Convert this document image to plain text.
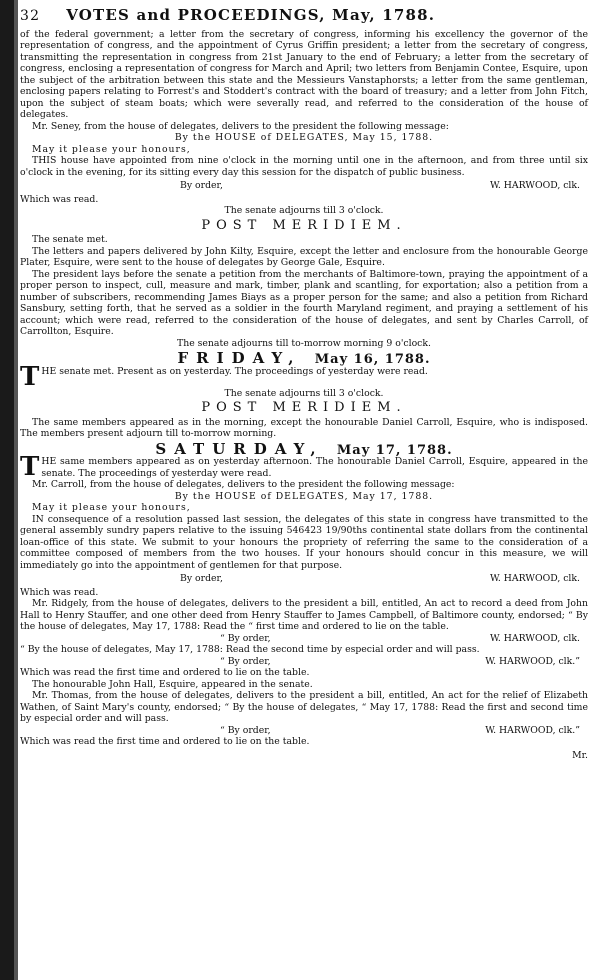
32 VOTES and PROCEEDINGS, May, 1788.

of the federal government; a letter from the secretary of congress, informing his excellency the governor of the representation of congress, and the appointment of Cyrus Griffin president; a letter from the secretary of congress, transmitting the representation in congress from 21st January to the end of February; a letter from the secretary of congress, enclosing a representation of congress for March and April; two letters from Benjamin Contee, Esquire, upon the subject of the arbitration between this state and the Messieurs Vanstaphorsts; a letter from the same gentleman, enclosing papers relating to Forrest's and Stoddert's contract with the board of treasury; and a letter from John Fitch, upon the subject of steam boats; which were severally read, and referred to the consideration of the house of delegates.

Mr. Seney, from the house of delegates, delivers to the president the following message:

By the HOUSE of DELEGATES, May 15, 1788.
May it please your honours,

THIS house have appointed from nine o'clock in the morning until one in the afternoon, and from three until six o'clock in the evening, for its sitting every day this session for the dispatch of public business.

By order,	W. HARWOOD, clk.

Which was read.

The senate adjourns till 3 o'clock.
POST MERIDIEM.

The senate met.

The letters and papers delivered by John Kilty, Esquire, except the letter and enclosure from the honourable George Plater, Esquire, were sent to the house of delegates by George Gale, Esquire.

The president lays before the senate a petition from the merchants of Baltimore-town, praying the appointment of a proper person to inspect, cull, measure and mark, timber, plank and scantling, for exportation; also a petition from a number of subscribers, recommending James Biays as a proper person for the same; and also a petition from Richard Sansbury, setting forth, that he served as a soldier in the fourth Maryland regiment, and praying a settlement of his account; which were read, referred to the consideration of the house of delegates, and sent by Charles Carroll, of Carrollton, Esquire.

The senate adjourns till to-morrow morning 9 o'clock.
FRIDAY, May 16, 1788.

THE senate met. Present as on yesterday. The proceedings of yesterday were read.

The senate adjourns till 3 o'clock.
POST MERIDIEM.

The same members appeared as in the morning, except the honourable Daniel Carroll, Esquire, who is indisposed. The members present adjourn till to-morrow morning.

SATURDAY, May 17, 1788.

THE same members appeared as on yesterday afternoon. The honourable Daniel Carroll, Esquire, appeared in the senate. The proceedings of yesterday were read.

Mr. Carroll, from the house of delegates, delivers to the president the following message:

By the HOUSE of DELEGATES, May 17, 1788.
May it please your honours,

IN consequence of a resolution passed last session, the delegates of this state in congress have transmitted to the general assembly sundry papers relative to the issuing 546423 19/90ths continental state dollars from the continental loan-office of this state. We submit to your honours the propriety of referring the same to the consideration of a committee composed of members from the two houses. If your honours should concur in this measure, we will immediately go into the appointment of gentlemen for that purpose.

By order,	W. HARWOOD, clk.

Which was read.

Mr. Ridgely, from the house of delegates, delivers to the president a bill, entitled, An act to record a deed from John Hall to Henry Stauffer, and one other deed from Henry Stauffer to James Campbell, of Baltimore county, endorsed; “ By the house of delegates, May 17, 1788: Read the “ first time and ordered to lie on the table.

“ By order,	W. HARWOOD, clk.

“ By the house of delegates, May 17, 1788: Read the second time by especial order and will pass.

“ By order,	W. HARWOOD, clk.”

Which was read the first time and ordered to lie on the table.

The honourable John Hall, Esquire, appeared in the senate.

Mr. Thomas, from the house of delegates, delivers to the president a bill, entitled, An act for the relief of Elizabeth Wathen, of Saint Mary's county, endorsed; “ By the house of delegates, “ May 17, 1788: Read the first and second time by especial order and will pass.

“ By order,	W. HARWOOD, clk.”

Which was read the first time and ordered to lie on the table.

Mr.
